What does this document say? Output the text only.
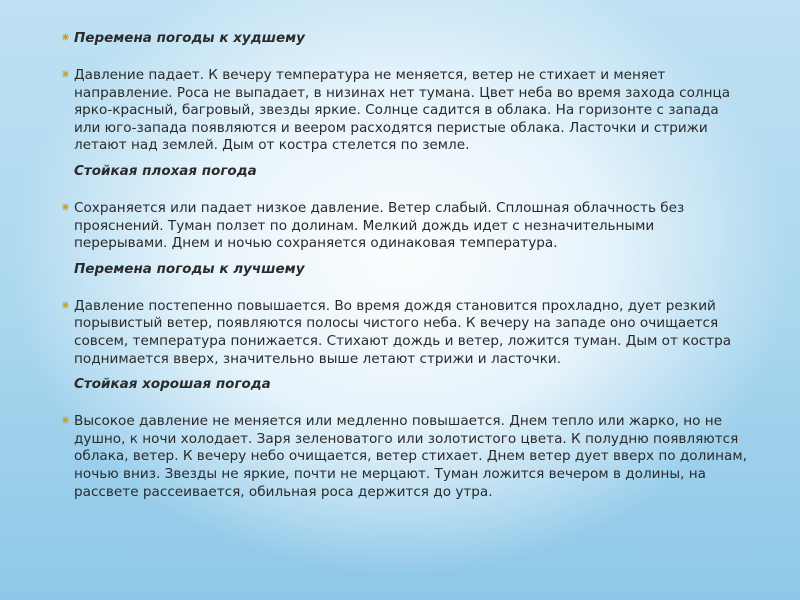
⁕ Перемена погоды к худшему

⁕ Давление падает. К вечеру температура не меняется, ветер не стихает и меняет направление. Роса не выпадает, в низинах нет тумана. Цвет неба во время захода солнца ярко-красный, багровый, звезды яркие. Солнце садится в облака. На горизонте с запада или юго-запада появляются и веером расходятся перистые облака. Ласточки и стрижи летают над землей. Дым от костра стелется по земле.

Стойкая плохая погода

⁕ Сохраняется или падает низкое давление. Ветер слабый. Сплошная облачность без прояснений. Туман ползет по долинам. Мелкий дождь идет с незначительными перерывами. Днем и ночью сохраняется одинаковая температура.

Перемена погоды к лучшему

⁕ Давление постепенно повышается. Во время дождя становится прохладно, дует резкий порывистый ветер, появляются полосы чистого неба. К вечеру на западе оно очищается совсем, температура понижается. Стихают дождь и ветер, ложится туман. Дым от костра поднимается вверх, значительно выше летают стрижи и ласточки.

Стойкая хорошая погода

⁕ Высокое давление не меняется или медленно повышается. Днем тепло или жарко, но не душно, к ночи холодает. Заря зеленоватого или золотистого цвета. К полудню появляются облака, ветер. К вечеру небо очищается, ветер стихает. Днем ветер дует вверх по долинам, ночью вниз. Звезды не яркие, почти не мерцают. Туман ложится вечером в долины, на рассвете рассеивается, обильная роса держится до утра.
